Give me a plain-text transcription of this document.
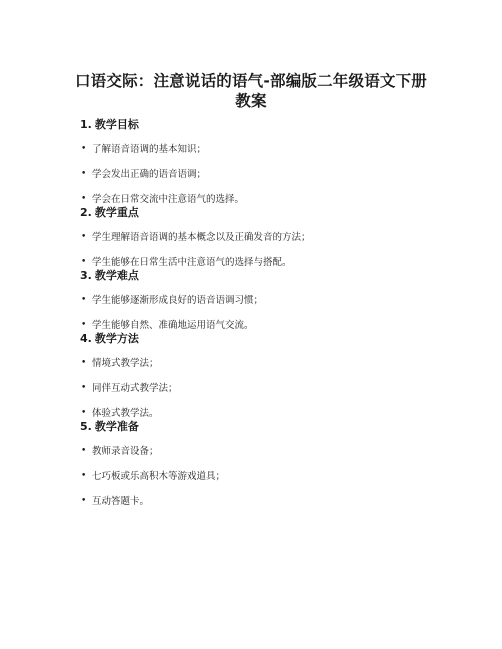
口语交际：注意说话的语气-部编版二年级语文下册教案
1. 教学目标
• 了解语音语调的基本知识；
• 学会发出正确的语音语调；
• 学会在日常交流中注意语气的选择。
2. 教学重点
• 学生理解语音语调的基本概念以及正确发音的方法；
• 学生能够在日常生活中注意语气的选择与搭配。
3. 教学难点
• 学生能够逐渐形成良好的语音语调习惯；
• 学生能够自然、准确地运用语气交流。
4. 教学方法
• 情境式教学法；
• 同伴互动式教学法；
• 体验式教学法。
5. 教学准备
• 教师录音设备；
• 七巧板或乐高积木等游戏道具；
• 互动答题卡。
